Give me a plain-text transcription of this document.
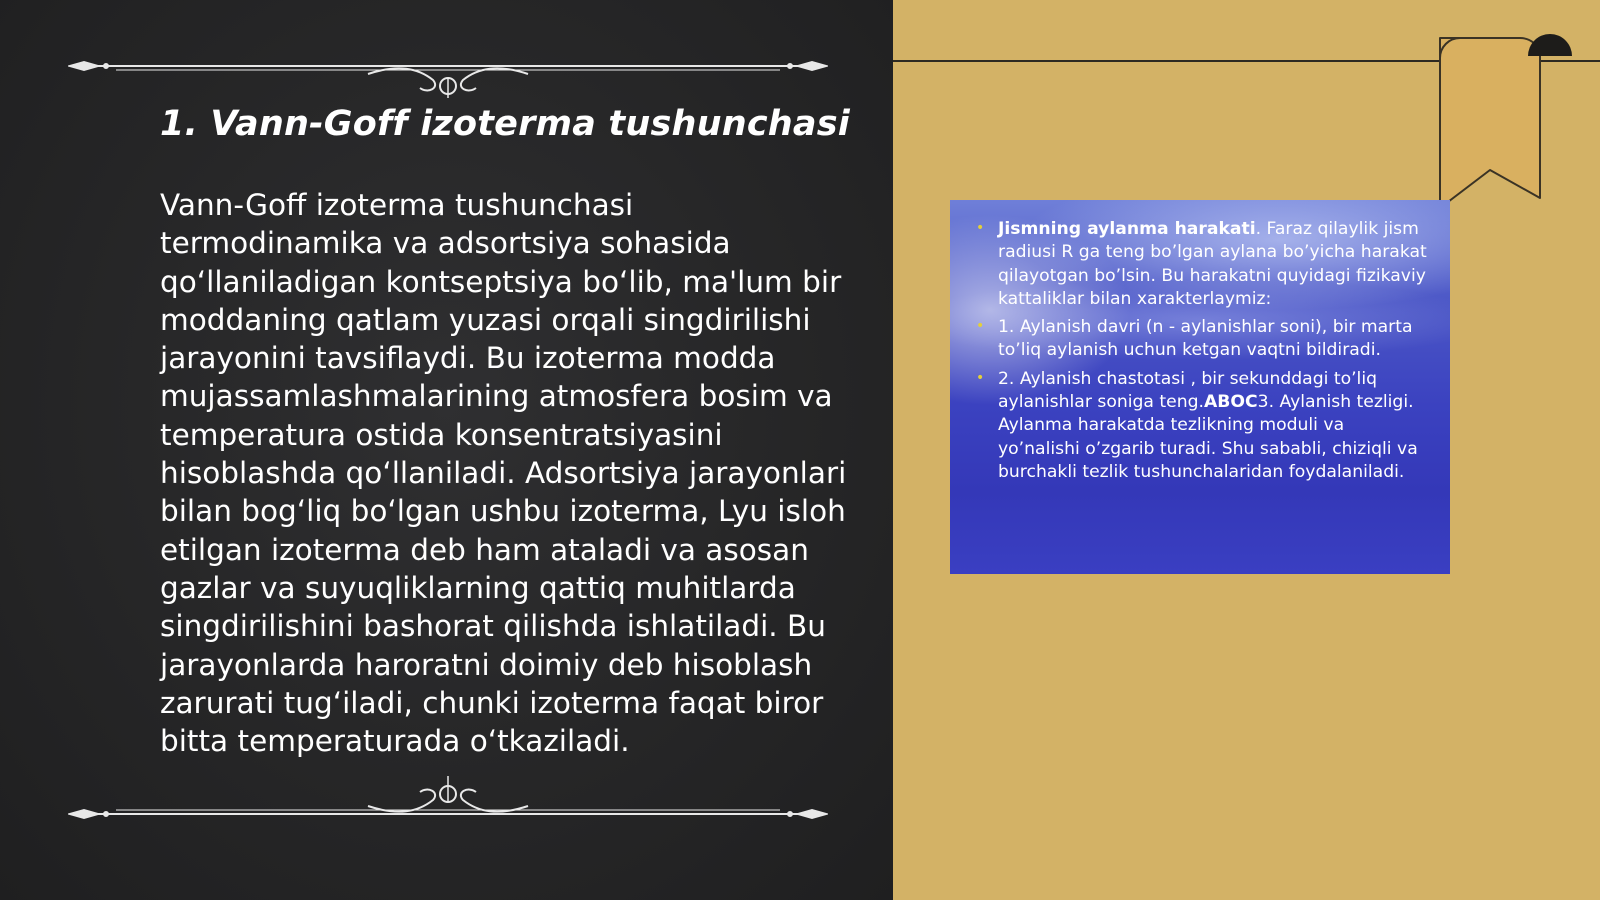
1. Vann-Goff izoterma tushunchasi

Vann-Goff izoterma tushunchasi termodinamika va adsortsiya sohasida qo‘llaniladigan kontseptsiya bo‘lib, ma'lum bir moddaning qatlam yuzasi orqali singdirilishi jarayonini tavsiflaydi. Bu izoterma modda mujassamlashmalarining atmosfera bosim va temperatura ostida konsentratsiyasini hisoblashda qo‘llaniladi. Adsortsiya jarayonlari bilan bog‘liq bo‘lgan ushbu izoterma, Lyu isloh etilgan izoterma deb ham ataladi va asosan gazlar va suyuqliklarning qattiq muhitlarda singdirilishini bashorat qilishda ishlatiladi. Bu jarayonlarda haroratni doimiy deb hisoblash zarurati tug‘iladi, chunki izoterma faqat biror bitta temperaturada o‘tkaziladi.

• Jismning aylanma harakati. Faraz qilaylik jism radiusi R ga teng bo’lgan aylana bo’yicha harakat qilayotgan bo’lsin. Bu harakatni quyidagi fizikaviy kattaliklar bilan xarakterlaymiz:
• 1. Aylanish davri (n - aylanishlar soni), bir marta to’liq aylanish uchun ketgan vaqtni bildiradi.
• 2. Aylanish chastotasi , bir sekunddagi to’liq aylanishlar soniga teng.ABOC3. Aylanish tezligi. Aylanma harakatda tezlikning moduli va yo’nalishi o’zgarib turadi. Shu sababli, chiziqli va burchakli tezlik tushunchalaridan foydalaniladi.
